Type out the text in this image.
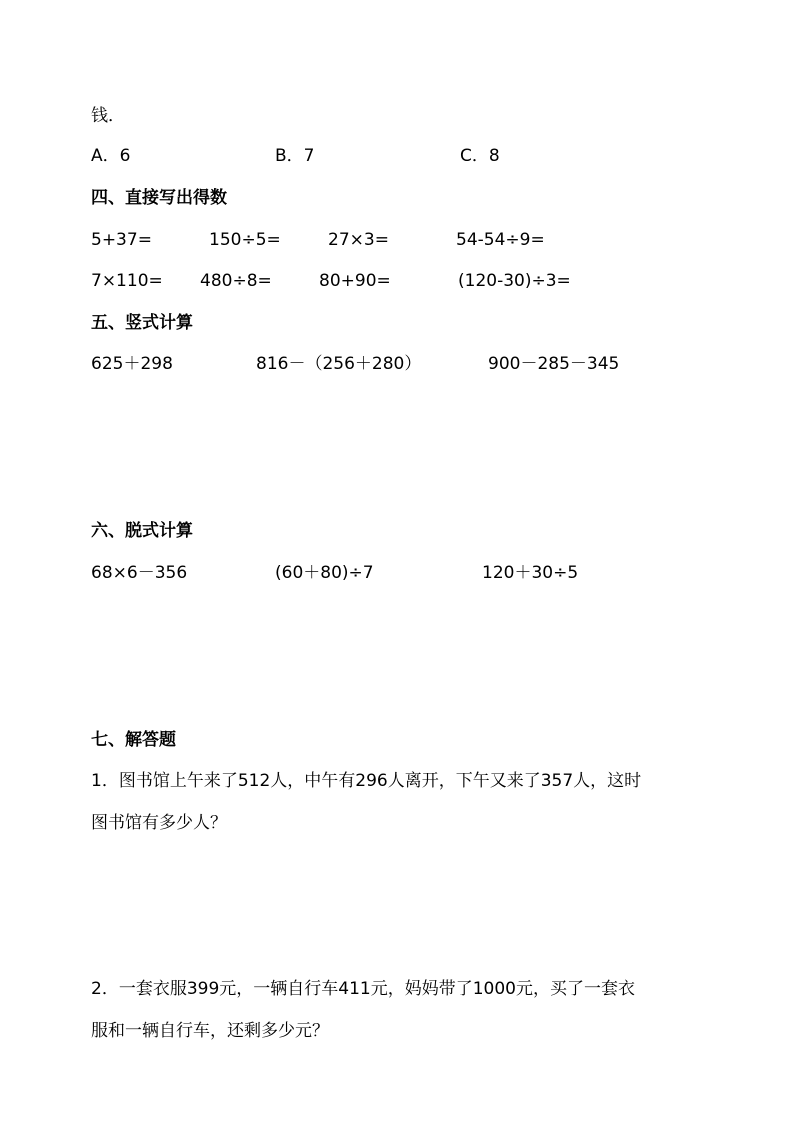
钱．
A．6	B．7	C．8
四、直接写出得数
5+37=	150÷5=	27×3=	54-54÷9=
7×110= 480÷8=	80+90=	(120-30)÷3=
五、竖式计算
625＋298	816－（256＋280）	900－285－345
六、脱式计算
68×6－356	(60＋80)÷7	120＋30÷5
七、解答题
1．图书馆上午来了512人，中午有296人离开，下午又来了357人，这时
图书馆有多少人？
2．一套衣服399元，一辆自行车411元，妈妈带了1000元，买了一套衣
服和一辆自行车，还剩多少元？
